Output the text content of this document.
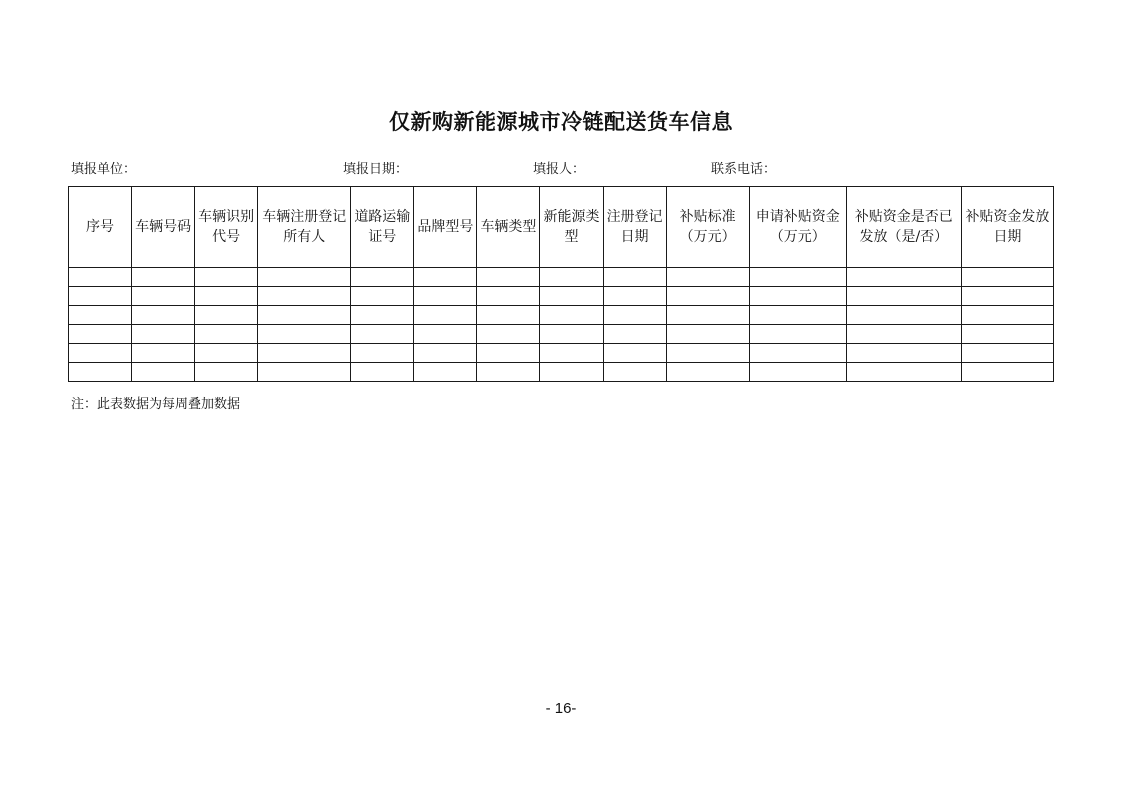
仅新购新能源城市冷链配送货车信息
填报单位：	填报日期：	填报人：	联系电话：
序号	车辆号码	车辆识别代号	车辆注册登记所有人	道路运输证号	品牌型号	车辆类型	新能源类型	注册登记日期	补贴标准（万元）	申请补贴资金（万元）	补贴资金是否已发放（是/否）	补贴资金发放日期

注：此表数据为每周叠加数据
- 16-
